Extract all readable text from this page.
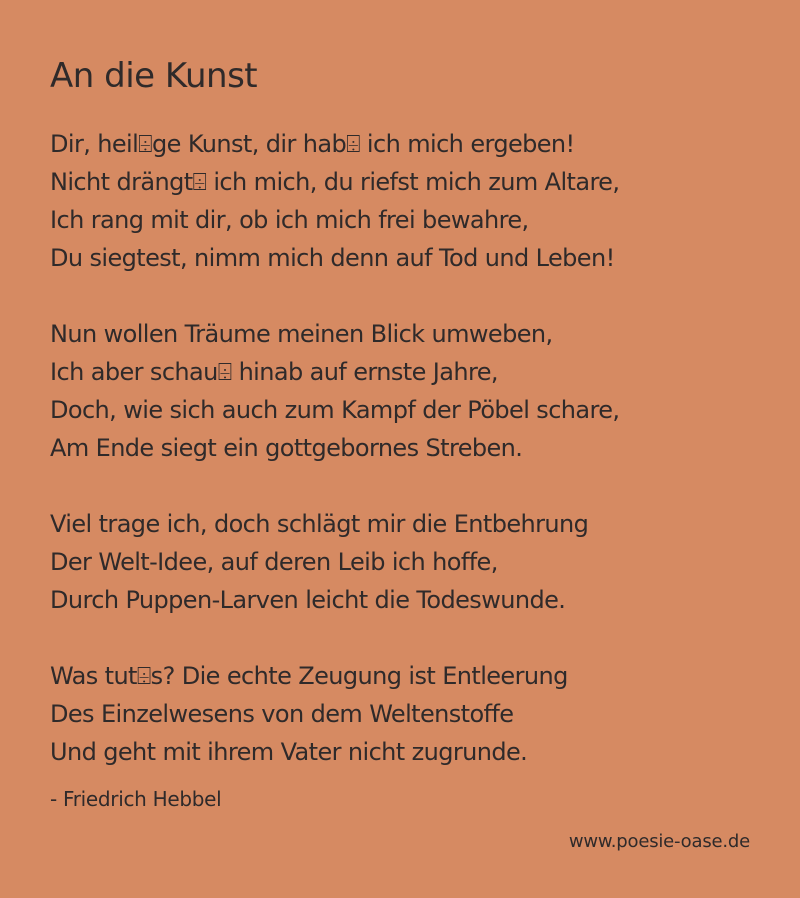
An die Kunst
Dir, heil⌹ge Kunst, dir hab⌹ ich mich ergeben!
Nicht drängt⌹ ich mich, du riefst mich zum Altare,
Ich rang mit dir, ob ich mich frei bewahre,
Du siegtest, nimm mich denn auf Tod und Leben!
Nun wollen Träume meinen Blick umweben,
Ich aber schau⌹ hinab auf ernste Jahre,
Doch, wie sich auch zum Kampf der Pöbel schare,
Am Ende siegt ein gottgebornes Streben.
Viel trage ich, doch schlägt mir die Entbehrung
Der Welt-Idee, auf deren Leib ich hoffe,
Durch Puppen-Larven leicht die Todeswunde.
Was tut⌹s? Die echte Zeugung ist Entleerung
Des Einzelwesens von dem Weltenstoffe
Und geht mit ihrem Vater nicht zugrunde.

- Friedrich Hebbel

www.poesie-oase.de
